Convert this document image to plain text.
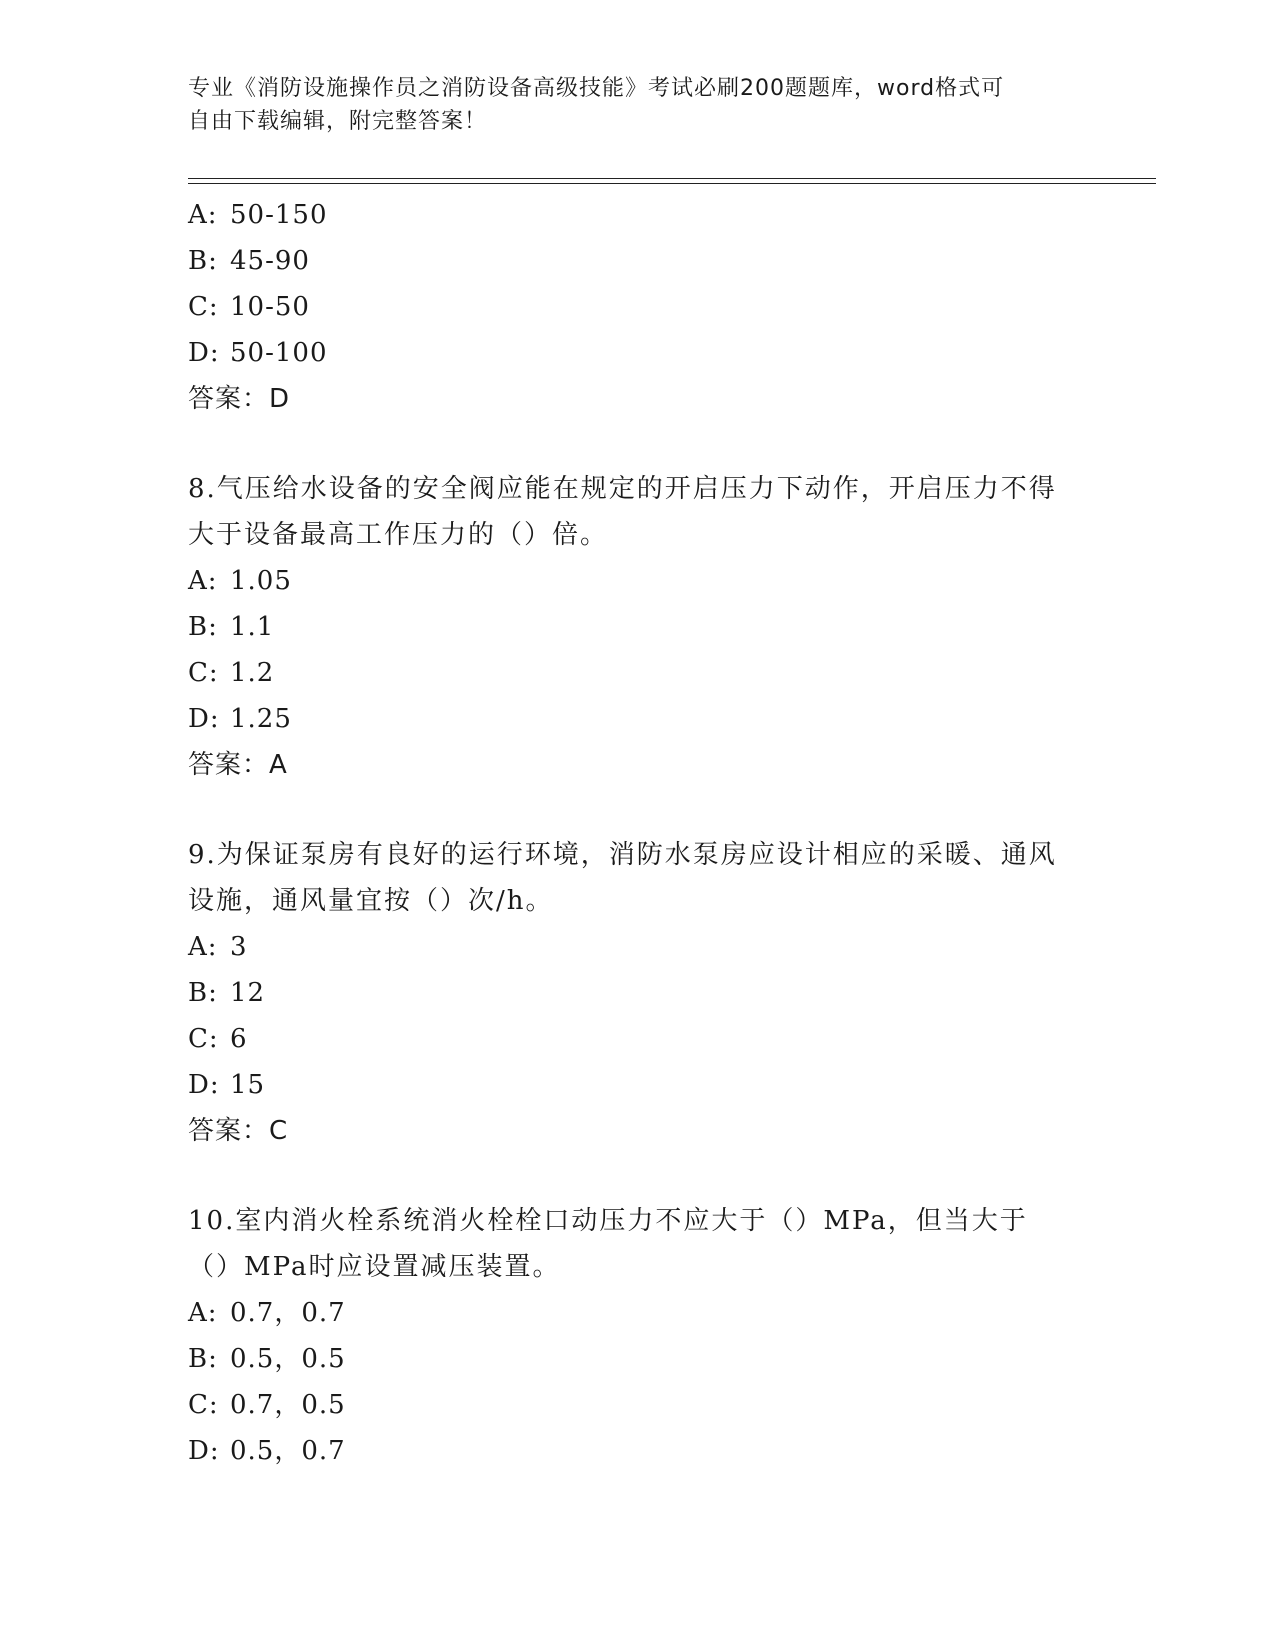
专业《消防设施操作员之消防设备高级技能》考试必刷200题题库，word格式可
自由下载编辑，附完整答案！
A: 50-150
B: 45-90
C: 10-50
D: 50-100
答案：D
8.气压给水设备的安全阀应能在规定的开启压力下动作，开启压力不得大于设备最高工作压力的（）倍。
A: 1.05
B: 1.1
C: 1.2
D: 1.25
答案：A
9.为保证泵房有良好的运行环境，消防水泵房应设计相应的采暖、通风设施，通风量宜按（）次/h。
A: 3
B: 12
C: 6
D: 15
答案：C
10.室内消火栓系统消火栓栓口动压力不应大于（）MPa，但当大于（）MPa时应设置减压装置。
A: 0.7，0.7
B: 0.5，0.5
C: 0.7，0.5
D: 0.5，0.7
